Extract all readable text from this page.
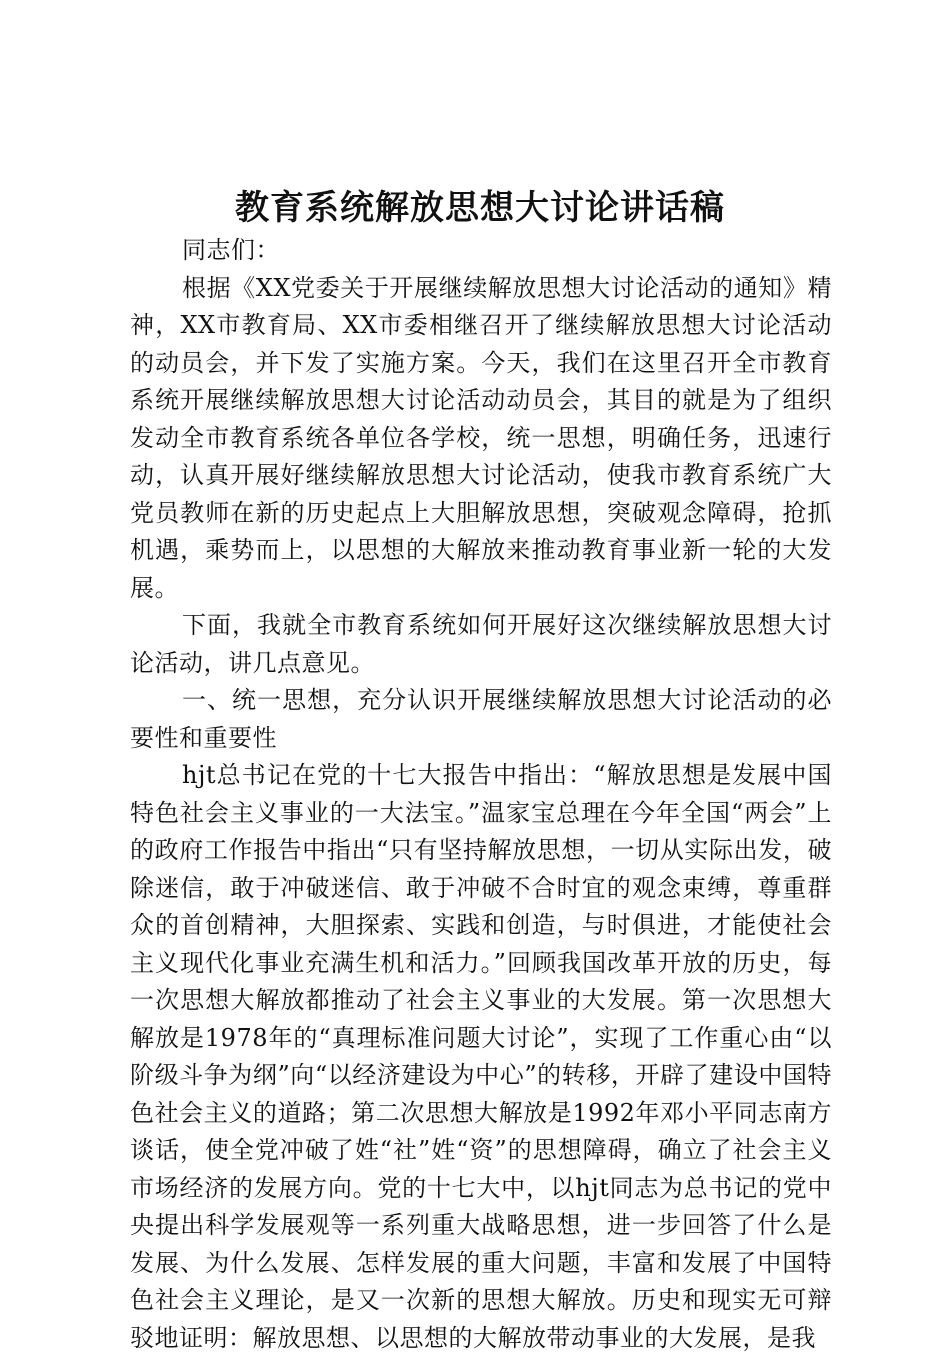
教育系统解放思想大讨论讲话稿

同志们：

根据《XX党委关于开展继续解放思想大讨论活动的通知》精神，XX市教育局、XX市委相继召开了继续解放思想大讨论活动的动员会，并下发了实施方案。今天，我们在这里召开全市教育系统开展继续解放思想大讨论活动动员会，其目的就是为了组织发动全市教育系统各单位各学校，统一思想，明确任务，迅速行动，认真开展好继续解放思想大讨论活动，使我市教育系统广大党员教师在新的历史起点上大胆解放思想，突破观念障碍，抢抓机遇，乘势而上，以思想的大解放来推动教育事业新一轮的大发展。

下面，我就全市教育系统如何开展好这次继续解放思想大讨论活动，讲几点意见。

一、统一思想，充分认识开展继续解放思想大讨论活动的必要性和重要性

hjt总书记在党的十七大报告中指出：“解放思想是发展中国特色社会主义事业的一大法宝。”温家宝总理在今年全国“两会”上的政府工作报告中指出“只有坚持解放思想，一切从实际出发，破除迷信，敢于冲破迷信、敢于冲破不合时宜的观念束缚，尊重群众的首创精神，大胆探索、实践和创造，与时俱进，才能使社会主义现代化事业充满生机和活力。”回顾我国改革开放的历史，每一次思想大解放都推动了社会主义事业的大发展。第一次思想大解放是1978年的“真理标准问题大讨论”，实现了工作重心由“以阶级斗争为纲”向“以经济建设为中心”的转移，开辟了建设中国特色社会主义的道路；第二次思想大解放是1992年邓小平同志南方谈话，使全党冲破了姓“社”姓“资”的思想障碍，确立了社会主义市场经济的发展方向。党的十七大中，以hjt同志为总书记的党中央提出科学发展观等一系列重大战略思想，进一步回答了什么是发展、为什么发展、怎样发展的重大问题，丰富和发展了中国特色社会主义理论，是又一次新的思想大解放。历史和现实无可辩驳地证明：解放思想、以思想的大解放带动事业的大发展，是我
